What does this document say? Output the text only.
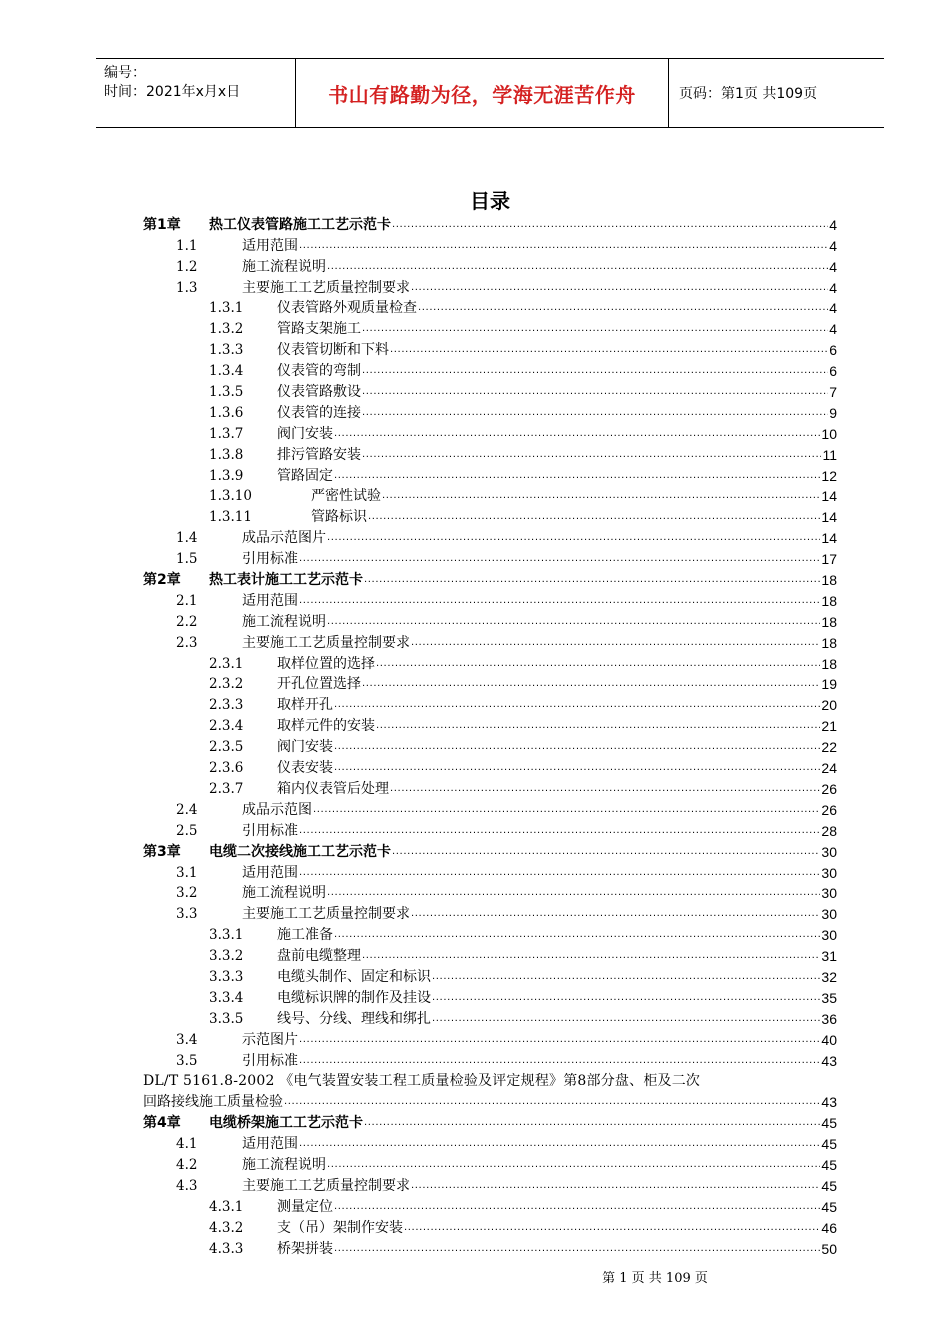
编号：
时间：2021年x月x日	书山有路勤为径，学海无涯苦作舟	页码：第1页 共109页
目录
第1章	热工仪表管路施工工艺示范卡 .....	4
1.1	适用范围 .....	4
1.2	施工流程说明 .....	4
1.3	主要施工工艺质量控制要求 .....	4
1.3.1	仪表管路外观质量检查 .....	4
1.3.2	管路支架施工 .....	4
1.3.3	仪表管切断和下料 .....	6
1.3.4	仪表管的弯制 .....	6
1.3.5	仪表管路敷设 .....	7
1.3.6	仪表管的连接 .....	9
1.3.7	阀门安装 .....	10
1.3.8	排污管路安装 .....	11
1.3.9	管路固定 .....	12
1.3.10	严密性试验 .....	14
1.3.11	管路标识 .....	14
1.4	成品示范图片 .....	14
1.5	引用标准 .....	17
第2章	热工表计施工工艺示范卡 .....	18
2.1	适用范围 .....	18
2.2	施工流程说明 .....	18
2.3	主要施工工艺质量控制要求 .....	18
2.3.1	取样位置的选择 .....	18
2.3.2	开孔位置选择 .....	19
2.3.3	取样开孔 .....	20
2.3.4	取样元件的安装 .....	21
2.3.5	阀门安装 .....	22
2.3.6	仪表安装 .....	24
2.3.7	箱内仪表管后处理 .....	26
2.4	成品示范图 .....	26
2.5	引用标准 .....	28
第3章	电缆二次接线施工工艺示范卡 .....	30
3.1	适用范围 .....	30
3.2	施工流程说明 .....	30
3.3	主要施工工艺质量控制要求 .....	30
3.3.1	施工准备 .....	30
3.3.2	盘前电缆整理 .....	31
3.3.3	电缆头制作、固定和标识 .....	32
3.3.4	电缆标识牌的制作及挂设 .....	35
3.3.5	线号、分线、理线和绑扎 .....	36
3.4	示范图片 .....	40
3.5	引用标准 .....	43
DL/T 5161.8-2002 《电气装置安装工程工质量检验及评定规程》第8部分盘、柜及二次
回路接线施工质量检验 .....	43
第4章	电缆桥架施工工艺示范卡 .....	45
4.1	适用范围 .....	45
4.2	施工流程说明 .....	45
4.3	主要施工工艺质量控制要求 .....	45
4.3.1	测量定位 .....	45
4.3.2	支（吊）架制作安装 .....	46
4.3.3	桥架拼装 .....	50
第 1 页 共 109 页
